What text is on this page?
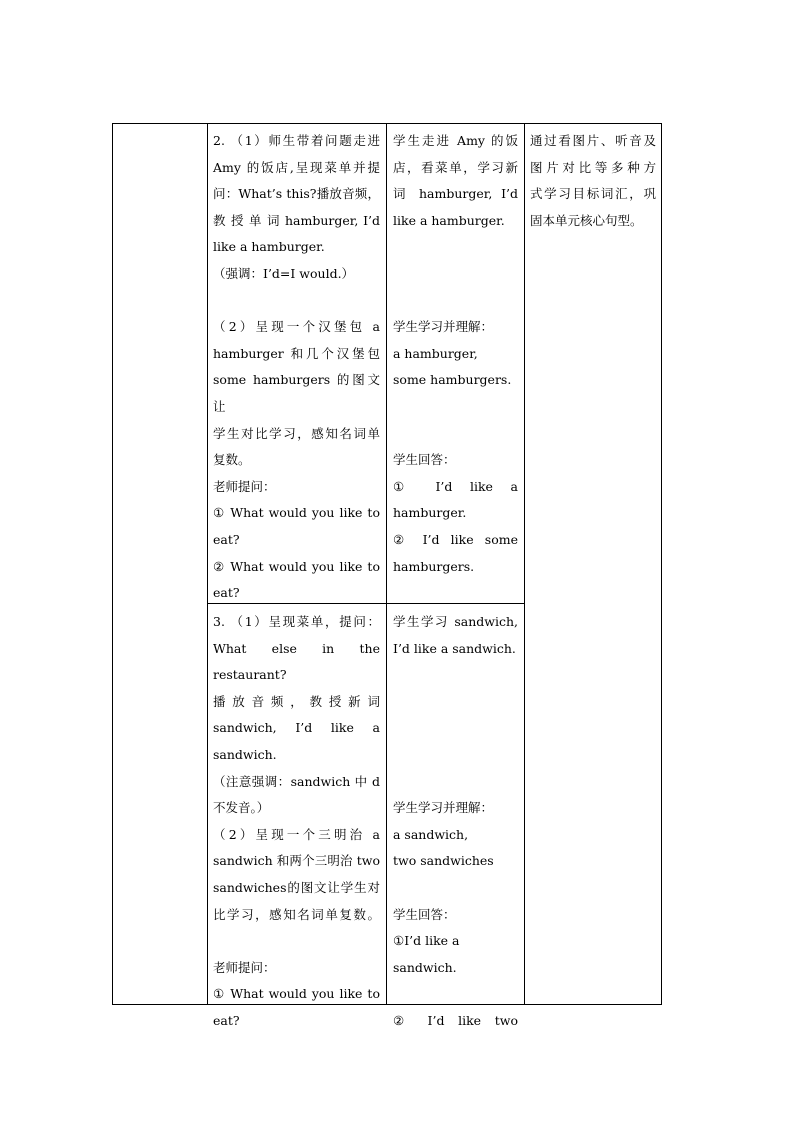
2. （1）师生带着问题走进

Amy 的饭店,呈现菜单并提

问：What’s this?播放音频，

教 授 单 词 hamburger, I’d

like a hamburger.

（强调：I’d=I would.）

（2）呈现一个汉堡包 a

hamburger 和几个汉堡包

some hamburgers 的图文让

学生对比学习，感知名词单

复数。

老师提问：

① What would you like to

eat?

② What would you like to

eat?

学生走进 Amy 的饭

店，看菜单，学习新

词 hamburger, I’d

like a hamburger.

学生学习并理解：

a hamburger,

some hamburgers.

学生回答：

① I’d like a

hamburger.

② I’d like some

hamburgers.

3. （1）呈现菜单，提问：

What else in the restaurant?

播 放 音 频 ， 教 授 新 词

sandwich, I’d like a

sandwich.

（注意强调：sandwich 中 d

不发音。）

（2）呈现一个三明治 a

sandwich 和两个三明治 two

sandwiches的图文让学生对

比学习，感知名词单复数。

老师提问：

① What would you like to

eat?

学生学习 sandwich,

I’d like a sandwich.

学生学习并理解：

a sandwich,

two sandwiches

学生回答：

①I’d like a sandwich.

② I’d like two

通过看图片、听音及

图片对比等多种方

式学习目标词汇，巩

固本单元核心句型。
